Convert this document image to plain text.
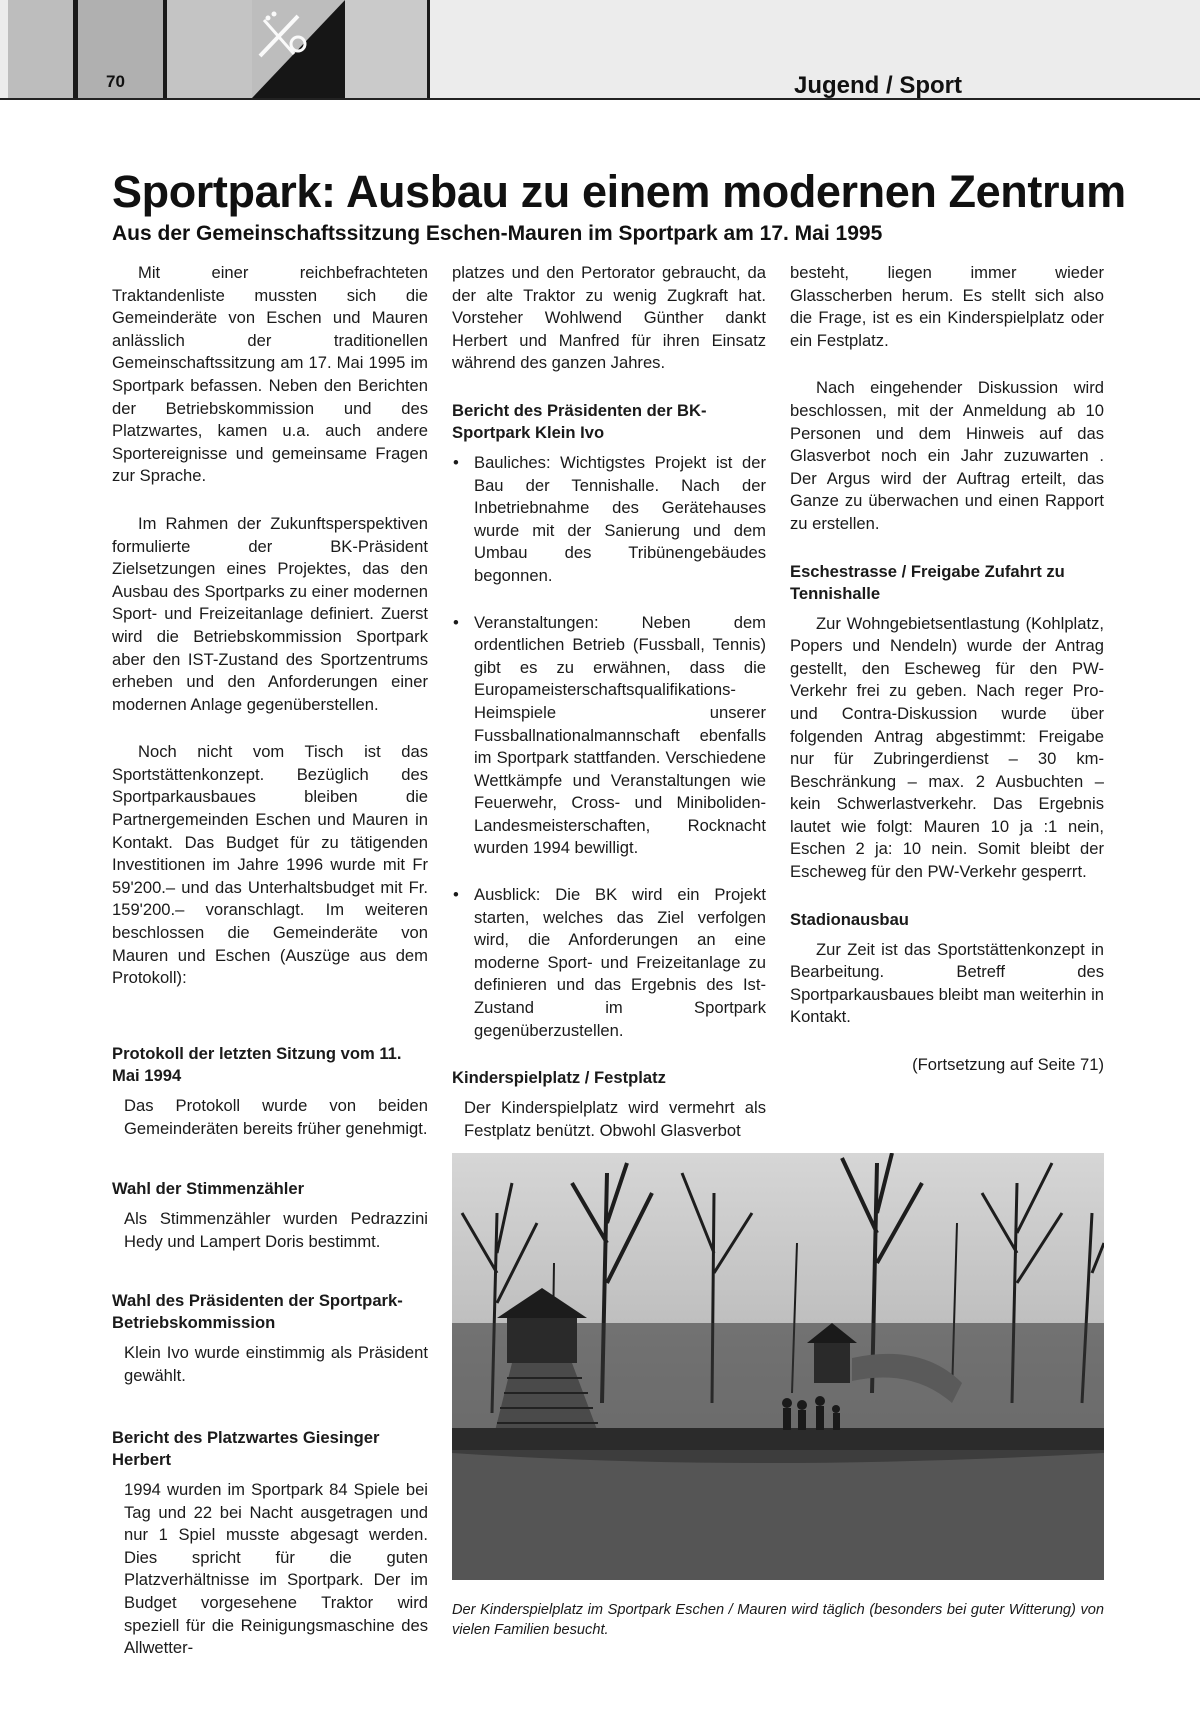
70	Jugend / Sport
Sportpark: Ausbau zu einem modernen Zentrum
Aus der Gemeinschaftssitzung Eschen-Mauren im Sportpark am 17. Mai 1995

Mit einer reichbefrachteten Traktandenliste mussten sich die Gemeinderäte von Eschen und Mauren anlässlich der traditionellen Gemeinschaftssitzung am 17. Mai 1995 im Sportpark befassen. Neben den Berichten der Betriebskommission und des Platzwartes, kamen u.a. auch andere Sportereignisse und gemeinsame Fragen zur Sprache.

Im Rahmen der Zukunftsperspektiven formulierte der BK-Präsident Zielsetzungen eines Projektes, das den Ausbau des Sportparks zu einer modernen Sport- und Freizeitanlage definiert. Zuerst wird die Betriebskommission Sportpark aber den IST-Zustand des Sportzentrums erheben und den Anforderungen einer modernen Anlage gegenüberstellen.

Noch nicht vom Tisch ist das Sportstättenkonzept. Bezüglich des Sportparkausbaues bleiben die Partnergemeinden Eschen und Mauren in Kontakt. Das Budget für zu tätigenden Investitionen im Jahre 1996 wurde mit Fr 59'200.– und das Unterhaltsbudget mit Fr. 159'200.– voranschlagt. Im weiteren beschlossen die Gemeinderäte von Mauren und Eschen (Auszüge aus dem Protokoll):

Protokoll der letzten Sitzung vom 11. Mai 1994

Das Protokoll wurde von beiden Gemeinderäten bereits früher genehmigt.

Wahl der Stimmenzähler

Als Stimmenzähler wurden Pedrazzini Hedy und Lampert Doris bestimmt.

Wahl des Präsidenten der Sportpark-Betriebskommission

Klein Ivo wurde einstimmig als Präsident gewählt.

Bericht des Platzwartes Giesinger Herbert

1994 wurden im Sportpark 84 Spiele bei Tag und 22 bei Nacht ausgetragen und nur 1 Spiel musste abgesagt werden. Dies spricht für die guten Platzverhältnisse im Sportpark. Der im Budget vorgesehene Traktor wird speziell für die Reinigungsmaschine des Allwetter-

platzes und den Pertorator gebraucht, da der alte Traktor zu wenig Zugkraft hat. Vorsteher Wohlwend Günther dankt Herbert und Manfred für ihren Einsatz während des ganzen Jahres.

Bericht des Präsidenten der BK-Sportpark Klein Ivo
• Bauliches: Wichtigstes Projekt ist der Bau der Tennishalle. Nach der Inbetriebnahme des Gerätehauses wurde mit der Sanierung und dem Umbau des Tribünengebäudes begonnen.
• Veranstaltungen: Neben dem ordentlichen Betrieb (Fussball, Tennis) gibt es zu erwähnen, dass die Europameisterschaftsqualifikations-Heimspiele unserer Fussballnationalmannschaft ebenfalls im Sportpark stattfanden. Verschiedene Wettkämpfe und Veranstaltungen wie Feuerwehr, Cross- und Miniboliden-Landesmeisterschaften, Rocknacht wurden 1994 bewilligt.
• Ausblick: Die BK wird ein Projekt starten, welches das Ziel verfolgen wird, die Anforderungen an eine moderne Sport- und Freizeitanlage zu definieren und das Ergebnis des Ist-Zustand im Sportpark gegenüberzustellen.
Kinderspielplatz / Festplatz

Der Kinderspielplatz wird vermehrt als Festplatz benützt. Obwohl Glasverbot

besteht, liegen immer wieder Glasscherben herum. Es stellt sich also die Frage, ist es ein Kinderspielplatz oder ein Festplatz.

Nach eingehender Diskussion wird beschlossen, mit der Anmeldung ab 10 Personen und dem Hinweis auf das Glasverbot noch ein Jahr zuzuwarten . Der Argus wird der Auftrag erteilt, das Ganze zu überwachen und einen Rapport zu erstellen.

Eschestrasse / Freigabe Zufahrt zu Tennishalle

Zur Wohngebietsentlastung (Kohlplatz, Popers und Nendeln) wurde der Antrag gestellt, den Escheweg für den PW-Verkehr frei zu geben. Nach reger Pro- und Contra-Diskussion wurde über folgenden Antrag abgestimmt: Freigabe nur für Zubringerdienst – 30 km-Beschränkung – max. 2 Ausbuchten – kein Schwerlastverkehr. Das Ergebnis lautet wie folgt: Mauren 10 ja :1 nein, Eschen 2 ja: 10 nein. Somit bleibt der Escheweg für den PW-Verkehr gesperrt.

Stadionausbau

Zur Zeit ist das Sportstättenkonzept in Bearbeitung. Betreff des Sportparkausbaues bleibt man weiterhin in Kontakt.

(Fortsetzung auf Seite 71)

Der Kinderspielplatz im Sportpark Eschen / Mauren wird täglich (besonders bei guter Witterung) von vielen Familien besucht.
